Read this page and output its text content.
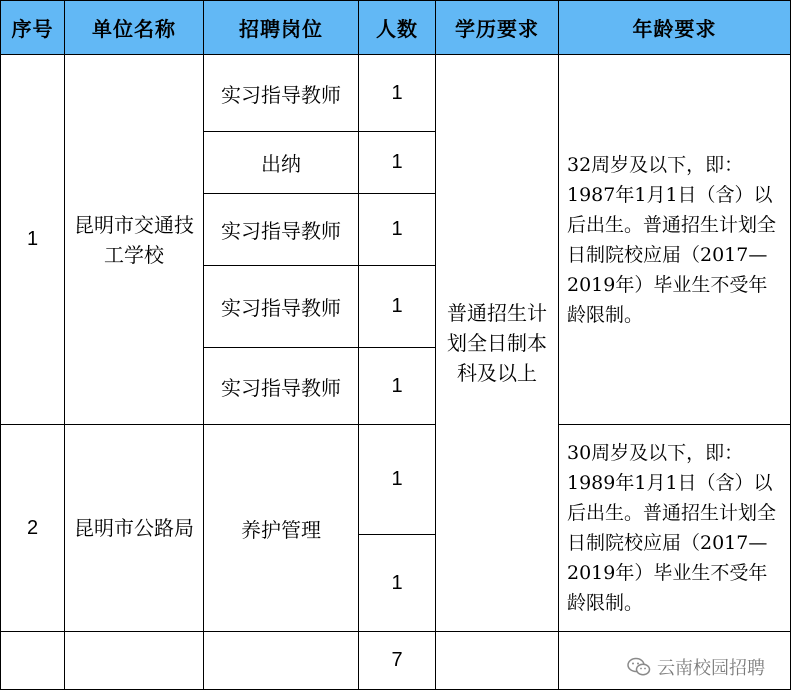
序号	单位名称	招聘岗位	人数	学历要求	年龄要求
1	昆明市交通技工学校	实习指导教师	1	普通招生计划全日制本科及以上	32周岁及以下，即：1987年1月1日（含）以后出生。普通招生计划全日制院校应届（2017—2019年）毕业生不受年龄限制。
		出纳	1		
		实习指导教师	1		
		实习指导教师	1		
		实习指导教师	1		
2	昆明市公路局	养护管理	1		30周岁及以下，即：1989年1月1日（含）以后出生。普通招生计划全日制院校应届（2017—2019年）毕业生不受年龄限制。
			1		
			7			云南校园招聘
